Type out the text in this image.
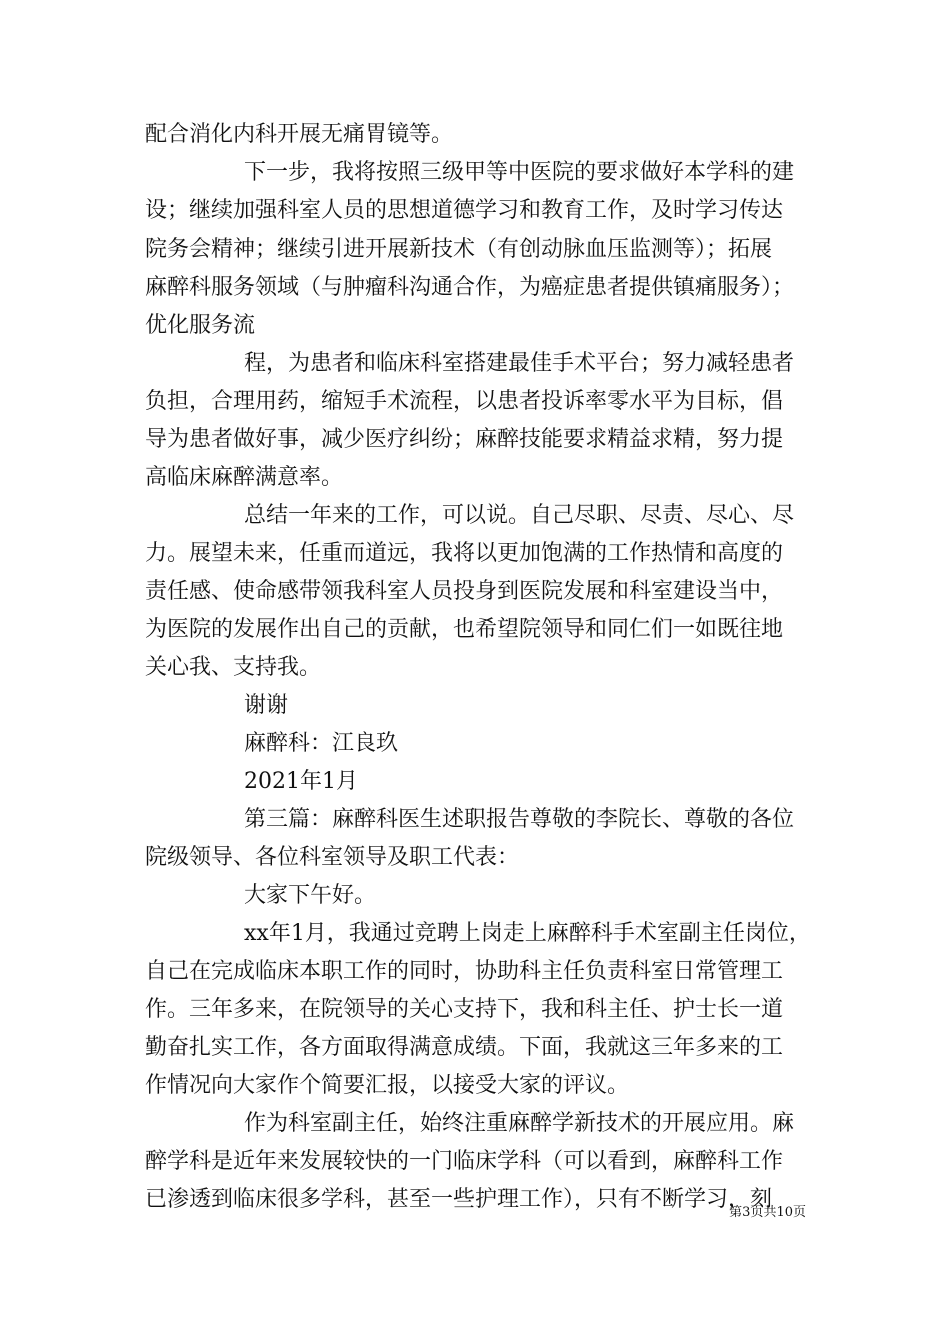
配合消化内科开展无痛胃镜等。
下一步，我将按照三级甲等中医院的要求做好本学科的建
设；继续加强科室人员的思想道德学习和教育工作，及时学习传达
院务会精神；继续引进开展新技术（有创动脉血压监测等）；拓展
麻醉科服务领域（与肿瘤科沟通合作，为癌症患者提供镇痛服务）；
优化服务流
程，为患者和临床科室搭建最佳手术平台；努力减轻患者
负担，合理用药，缩短手术流程，以患者投诉率零水平为目标，倡
导为患者做好事，减少医疗纠纷；麻醉技能要求精益求精，努力提
高临床麻醉满意率。
总结一年来的工作，可以说。自己尽职、尽责、尽心、尽
力。展望未来，任重而道远，我将以更加饱满的工作热情和高度的
责任感、使命感带领我科室人员投身到医院发展和科室建设当中，
为医院的发展作出自己的贡献，也希望院领导和同仁们一如既往地
关心我、支持我。
谢谢
麻醉科：江良玖
2021年1月
第三篇：麻醉科医生述职报告尊敬的李院长、尊敬的各位
院级领导、各位科室领导及职工代表：
大家下午好。
xx年1月，我通过竞聘上岗走上麻醉科手术室副主任岗位，
自己在完成临床本职工作的同时，协助科主任负责科室日常管理工
作。三年多来，在院领导的关心支持下，我和科主任、护士长一道
勤奋扎实工作，各方面取得满意成绩。下面，我就这三年多来的工
作情况向大家作个简要汇报，以接受大家的评议。
作为科室副主任，始终注重麻醉学新技术的开展应用。麻
醉学科是近年来发展较快的一门临床学科（可以看到，麻醉科工作
已渗透到临床很多学科，甚至一些护理工作），只有不断学习，刻
第3页共10页
